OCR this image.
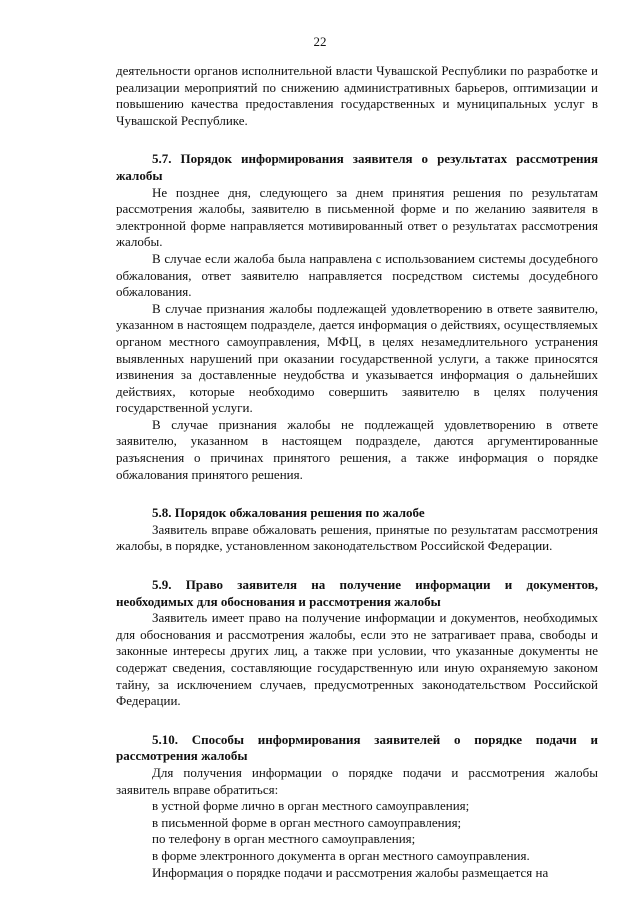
22

деятельности органов исполнительной власти Чувашской Республики по разработке и реализации мероприятий по снижению административных барьеров, оптимизации и повышению качества предоставления государственных и муниципальных услуг в Чувашской Республике.

5.7. Порядок информирования заявителя о результатах рассмотрения жалобы

Не позднее дня, следующего за днем принятия решения по результатам рассмотрения жалобы, заявителю в письменной форме и по желанию заявителя в электронной форме направляется мотивированный ответ о результатах рассмотрения жалобы.

В случае если жалоба была направлена с использованием системы досудебного обжалования, ответ заявителю направляется посредством системы досудебного обжалования.

В случае признания жалобы подлежащей удовлетворению в ответе заявителю, указанном в настоящем подразделе, дается информация о действиях, осуществляемых органом местного самоуправления, МФЦ, в целях незамедлительного устранения выявленных нарушений при оказании государственной услуги, а также приносятся извинения за доставленные неудобства и указывается информация о дальнейших действиях, которые необходимо совершить заявителю в целях получения государственной услуги.

В случае признания жалобы не подлежащей удовлетворению в ответе заявителю, указанном в настоящем подразделе, даются аргументированные разъяснения о причинах принятого решения, а также информация о порядке обжалования принятого решения.

5.8. Порядок обжалования решения по жалобе

Заявитель вправе обжаловать решения, принятые по результатам рассмотрения жалобы, в порядке, установленном законодательством Российской Федерации.

5.9. Право заявителя на получение информации и документов, необходимых для обоснования и рассмотрения жалобы

Заявитель имеет право на получение информации и документов, необходимых для обоснования и рассмотрения жалобы, если это не затрагивает права, свободы и законные интересы других лиц, а также при условии, что указанные документы не содержат сведения, составляющие государственную или иную охраняемую законом тайну, за исключением случаев, предусмотренных законодательством Российской Федерации.

5.10. Способы информирования заявителей о порядке подачи и рассмотрения жалобы

Для получения информации о порядке подачи и рассмотрения жалобы заявитель вправе обратиться:

в устной форме лично в орган местного самоуправления;

в письменной форме в орган местного самоуправления;

по телефону в орган местного самоуправления;

в форме электронного документа в орган местного самоуправления.

Информация о порядке подачи и рассмотрения жалобы размещается на
